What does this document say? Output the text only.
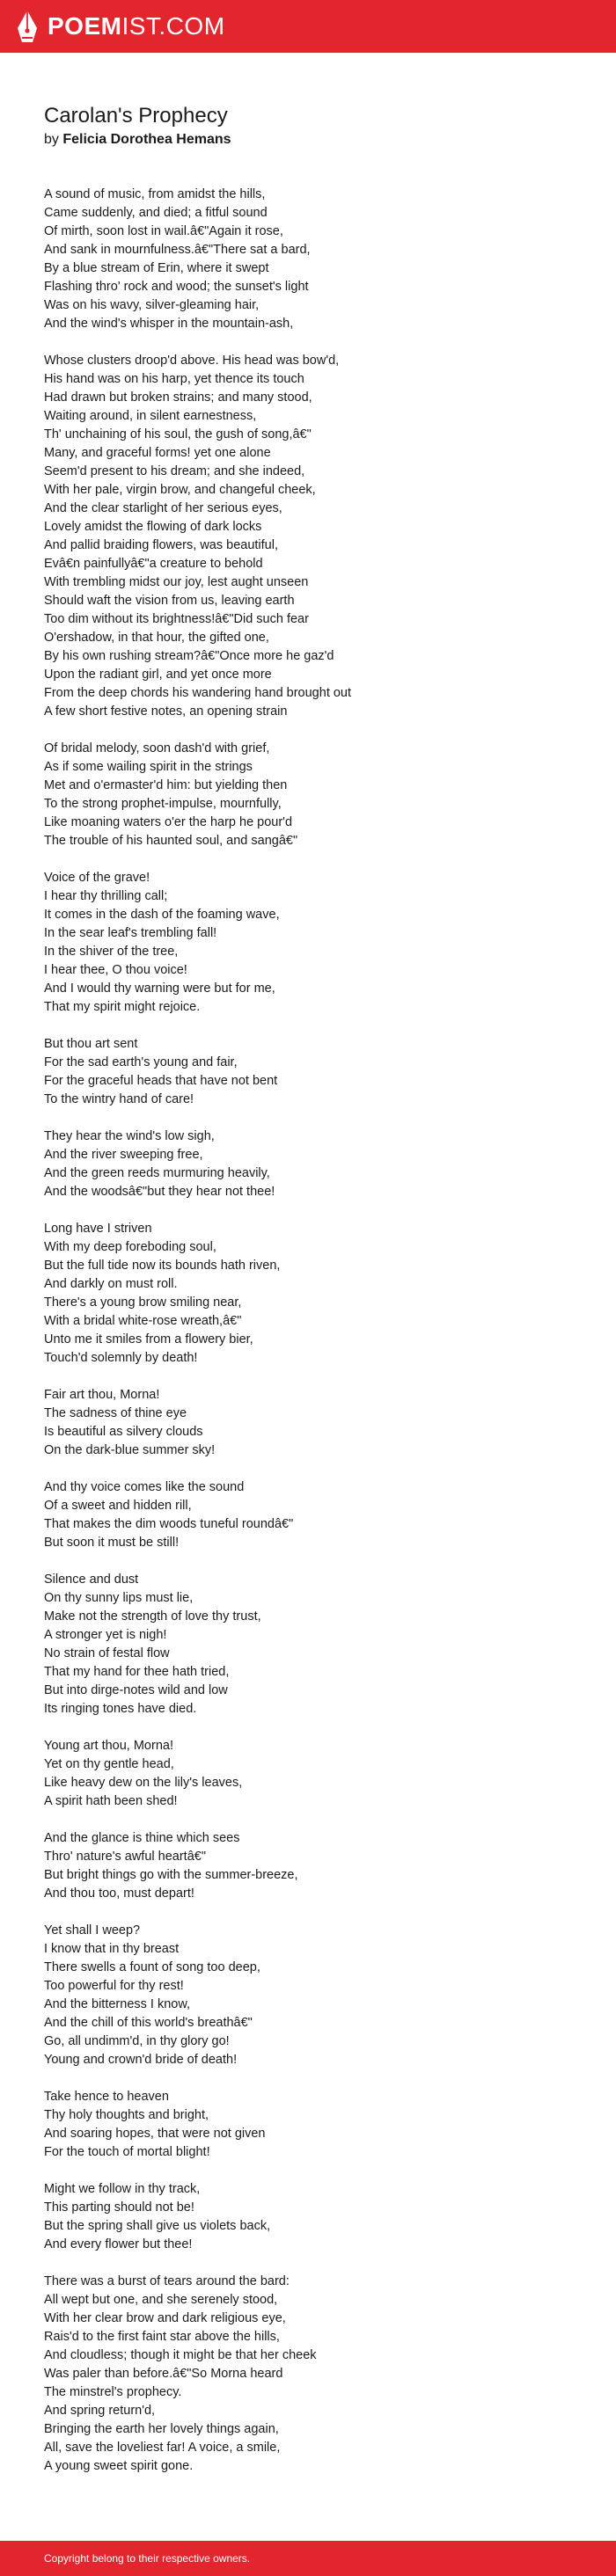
POEMIST.COM
Carolan's Prophecy
by Felicia Dorothea Hemans
A sound of music, from amidst the hills,
Came suddenly, and died; a fitful sound
Of mirth, soon lost in wail.â€"Again it rose,
And sank in mournfulness.â€"There sat a bard,
By a blue stream of Erin, where it swept
Flashing thro' rock and wood; the sunset's light
Was on his wavy, silver-gleaming hair,
And the wind's whisper in the mountain-ash,
Whose clusters droop'd above. His head was bow'd,
His hand was on his harp, yet thence its touch
Had drawn but broken strains; and many stood,
Waiting around, in silent earnestness,
Th' unchaining of his soul, the gush of song,â€"
Many, and graceful forms! yet one alone
Seem'd present to his dream; and she indeed,
With her pale, virgin brow, and changeful cheek,
And the clear starlight of her serious eyes,
Lovely amidst the flowing of dark locks
And pallid braiding flowers, was beautiful,
Evâ€n painfullyâ€"a creature to behold
With trembling midst our joy, lest aught unseen
Should waft the vision from us, leaving earth
Too dim without its brightness!â€"Did such fear
O'ershadow, in that hour, the gifted one,
By his own rushing stream?â€"Once more he gaz'd
Upon the radiant girl, and yet once more
From the deep chords his wandering hand brought out
A few short festive notes, an opening strain
Of bridal melody, soon dash'd with grief,
As if some wailing spirit in the strings
Met and o'ermaster'd him: but yielding then
To the strong prophet-impulse, mournfully,
Like moaning waters o'er the harp he pour'd
The trouble of his haunted soul, and sangâ€"
Voice of the grave!
I hear thy thrilling call;
It comes in the dash of the foaming wave,
In the sear leaf's trembling fall!
In the shiver of the tree,
I hear thee, O thou voice!
And I would thy warning were but for me,
That my spirit might rejoice.
But thou art sent
For the sad earth's young and fair,
For the graceful heads that have not bent
To the wintry hand of care!
They hear the wind's low sigh,
And the river sweeping free,
And the green reeds murmuring heavily,
And the woodsâ€"but they hear not thee!
Long have I striven
With my deep foreboding soul,
But the full tide now its bounds hath riven,
And darkly on must roll.
There's a young brow smiling near,
With a bridal white-rose wreath,â€"
Unto me it smiles from a flowery bier,
Touch'd solemnly by death!
Fair art thou, Morna!
The sadness of thine eye
Is beautiful as silvery clouds
On the dark-blue summer sky!
And thy voice comes like the sound
Of a sweet and hidden rill,
That makes the dim woods tuneful roundâ€"
But soon it must be still!
Silence and dust
On thy sunny lips must lie,
Make not the strength of love thy trust,
A stronger yet is nigh!
No strain of festal flow
That my hand for thee hath tried,
But into dirge-notes wild and low
Its ringing tones have died.
Young art thou, Morna!
Yet on thy gentle head,
Like heavy dew on the lily's leaves,
A spirit hath been shed!
And the glance is thine which sees
Thro' nature's awful heartâ€"
But bright things go with the summer-breeze,
And thou too, must depart!
Yet shall I weep?
I know that in thy breast
There swells a fount of song too deep,
Too powerful for thy rest!
And the bitterness I know,
And the chill of this world's breathâ€"
Go, all undimm'd, in thy glory go!
Young and crown'd bride of death!
Take hence to heaven
Thy holy thoughts and bright,
And soaring hopes, that were not given
For the touch of mortal blight!
Might we follow in thy track,
This parting should not be!
But the spring shall give us violets back,
And every flower but thee!
There was a burst of tears around the bard:
All wept but one, and she serenely stood,
With her clear brow and dark religious eye,
Rais'd to the first faint star above the hills,
And cloudless; though it might be that her cheek
Was paler than before.â€"So Morna heard
The minstrel's prophecy.
And spring return'd,
Bringing the earth her lovely things again,
All, save the loveliest far! A voice, a smile,
A young sweet spirit gone.
Copyright belong to their respective owners.
